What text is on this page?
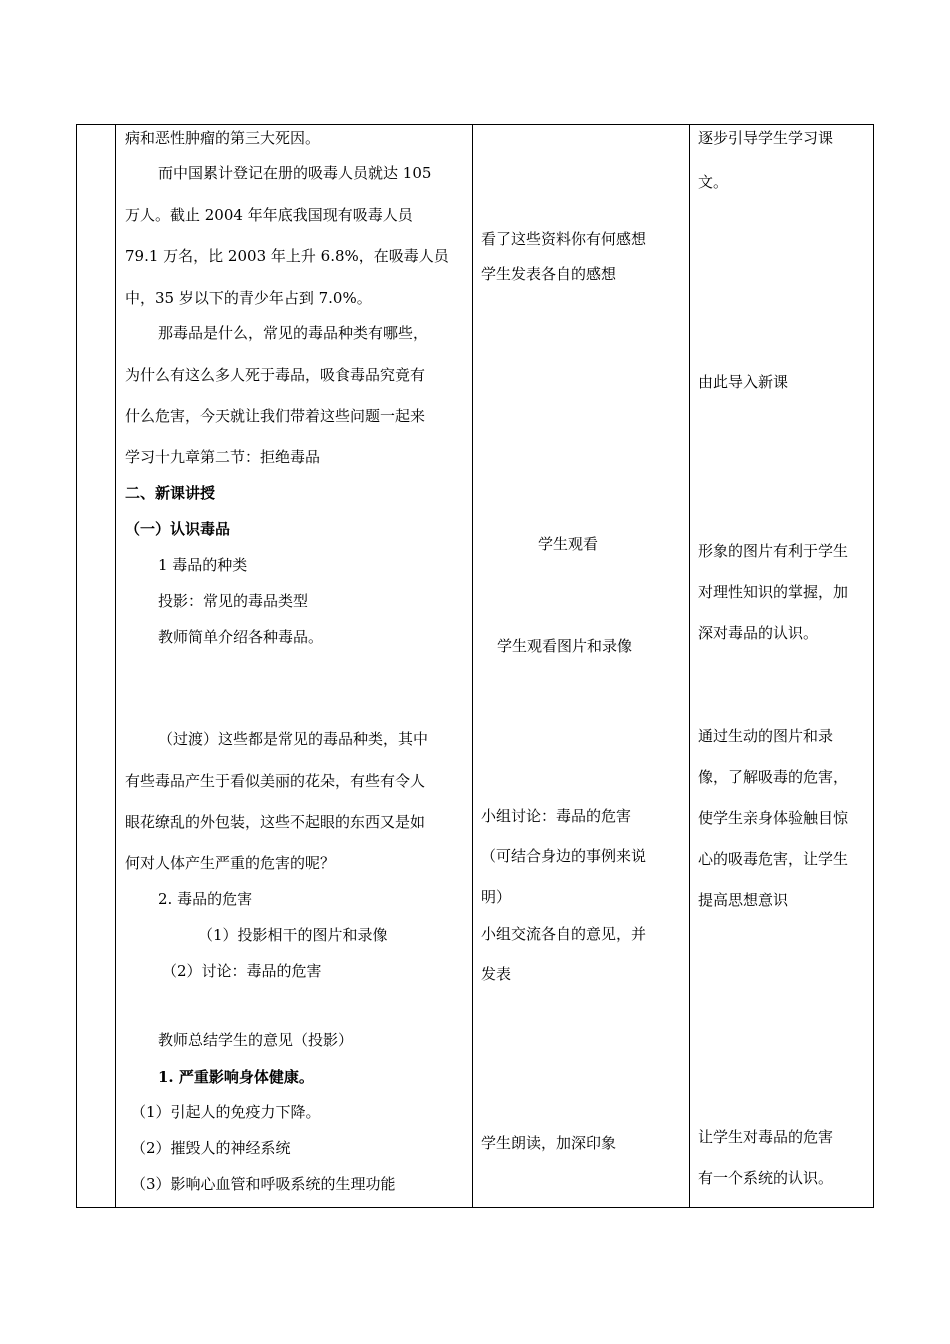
病和恶性肿瘤的第三大死因。
而中国累计登记在册的吸毒人员就达 105
万人。截止 2004 年年底我国现有吸毒人员
79.1 万名，比 2003 年上升 6.8%，在吸毒人员
中，35 岁以下的青少年占到 7.0%。
那毒品是什么，常见的毒品种类有哪些，
为什么有这么多人死于毒品，吸食毒品究竟有
什么危害，今天就让我们带着这些问题一起来
学习十九章第二节：拒绝毒品
二、新课讲授
（一）认识毒品
1 毒品的种类
投影：常见的毒品类型
教师简单介绍各种毒品。
（过渡）这些都是常见的毒品种类，其中
有些毒品产生于看似美丽的花朵，有些有令人
眼花缭乱的外包装，这些不起眼的东西又是如
何对人体产生严重的危害的呢？
2. 毒品的危害
（1）投影相干的图片和录像
（2）讨论：毒品的危害
教师总结学生的意见（投影）
1. 严重影响身体健康。
（1）引起人的免疫力下降。
（2）摧毁人的神经系统
（3）影响心血管和呼吸系统的生理功能
看了这些资料你有何感想
学生发表各自的感想
学生观看
学生观看图片和录像
小组讨论：毒品的危害
（可结合身边的事例来说
明）
小组交流各自的意见，并
发表
学生朗读，加深印象
逐步引导学生学习课
文。
由此导入新课
形象的图片有利于学生
对理性知识的掌握，加
深对毒品的认识。
通过生动的图片和录
像，了解吸毒的危害，
使学生亲身体验触目惊
心的吸毒危害，让学生
提高思想意识
让学生对毒品的危害
有一个系统的认识。
